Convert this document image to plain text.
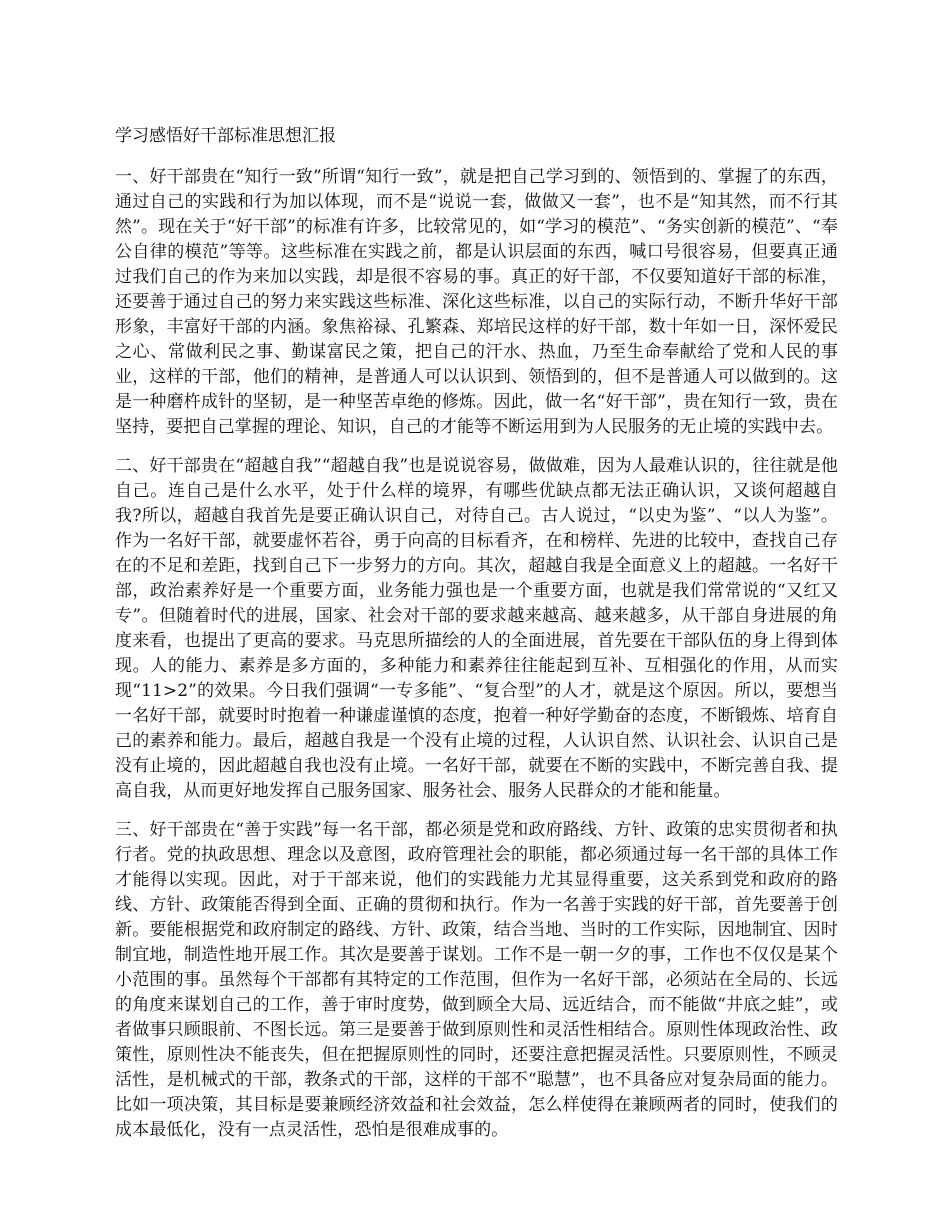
学习感悟好干部标准思想汇报

一、好干部贵在“知行一致”所谓“知行一致”，就是把自己学习到的、领悟到的、掌握了的东西，通过自己的实践和行为加以体现，而不是“说说一套，做做又一套”，也不是“知其然，而不行其然”。现在关于“好干部”的标准有许多，比较常见的，如“学习的模范”、“务实创新的模范”、“奉公自律的模范”等等。这些标准在实践之前，都是认识层面的东西，喊口号很容易，但要真正通过我们自己的作为来加以实践，却是很不容易的事。真正的好干部，不仅要知道好干部的标准，还要善于通过自己的努力来实践这些标准、深化这些标准，以自己的实际行动，不断升华好干部形象，丰富好干部的内涵。象焦裕禄、孔繁森、郑培民这样的好干部，数十年如一日，深怀爱民之心、常做利民之事、勤谋富民之策，把自己的汗水、热血，乃至生命奉献给了党和人民的事业，这样的干部，他们的精神，是普通人可以认识到、领悟到的，但不是普通人可以做到的。这是一种磨杵成针的坚韧，是一种坚苦卓绝的修炼。因此，做一名“好干部”，贵在知行一致，贵在坚持，要把自己掌握的理论、知识，自己的才能等不断运用到为人民服务的无止境的实践中去。

二、好干部贵在“超越自我”“超越自我”也是说说容易，做做难，因为人最难认识的，往往就是他自己。连自己是什么水平，处于什么样的境界，有哪些优缺点都无法正确认识，又谈何超越自我?所以，超越自我首先是要正确认识自己，对待自己。古人说过，“以史为鉴”、“以人为鉴”。作为一名好干部，就要虚怀若谷，勇于向高的目标看齐，在和榜样、先进的比较中，查找自己存在的不足和差距，找到自己下一步努力的方向。其次，超越自我是全面意义上的超越。一名好干部，政治素养好是一个重要方面，业务能力强也是一个重要方面，也就是我们常常说的“又红又专”。但随着时代的进展，国家、社会对干部的要求越来越高、越来越多，从干部自身进展的角度来看，也提出了更高的要求。马克思所描绘的人的全面进展，首先要在干部队伍的身上得到体现。人的能力、素养是多方面的，多种能力和素养往往能起到互补、互相强化的作用，从而实现“11>2”的效果。今日我们强调“一专多能”、“复合型”的人才，就是这个原因。所以，要想当一名好干部，就要时时抱着一种谦虚谨慎的态度，抱着一种好学勤奋的态度，不断锻炼、培育自己的素养和能力。最后，超越自我是一个没有止境的过程，人认识自然、认识社会、认识自己是没有止境的，因此超越自我也没有止境。一名好干部，就要在不断的实践中，不断完善自我、提高自我，从而更好地发挥自己服务国家、服务社会、服务人民群众的才能和能量。

三、好干部贵在“善于实践”每一名干部，都必须是党和政府路线、方针、政策的忠实贯彻者和执行者。党的执政思想、理念以及意图，政府管理社会的职能，都必须通过每一名干部的具体工作才能得以实现。因此，对于干部来说，他们的实践能力尤其显得重要，这关系到党和政府的路线、方针、政策能否得到全面、正确的贯彻和执行。作为一名善于实践的好干部，首先要善于创新。要能根据党和政府制定的路线、方针、政策，结合当地、当时的工作实际，因地制宜、因时制宜地，制造性地开展工作。其次是要善于谋划。工作不是一朝一夕的事，工作也不仅仅是某个小范围的事。虽然每个干部都有其特定的工作范围，但作为一名好干部，必须站在全局的、长远的角度来谋划自己的工作，善于审时度势，做到顾全大局、远近结合，而不能做“井底之蛙”，或者做事只顾眼前、不图长远。第三是要善于做到原则性和灵活性相结合。原则性体现政治性、政策性，原则性决不能丧失，但在把握原则性的同时，还要注意把握灵活性。只要原则性，不顾灵活性，是机械式的干部，教条式的干部，这样的干部不“聪慧”，也不具备应对复杂局面的能力。比如一项决策，其目标是要兼顾经济效益和社会效益，怎么样使得在兼顾两者的同时，使我们的成本最低化，没有一点灵活性，恐怕是很难成事的。
